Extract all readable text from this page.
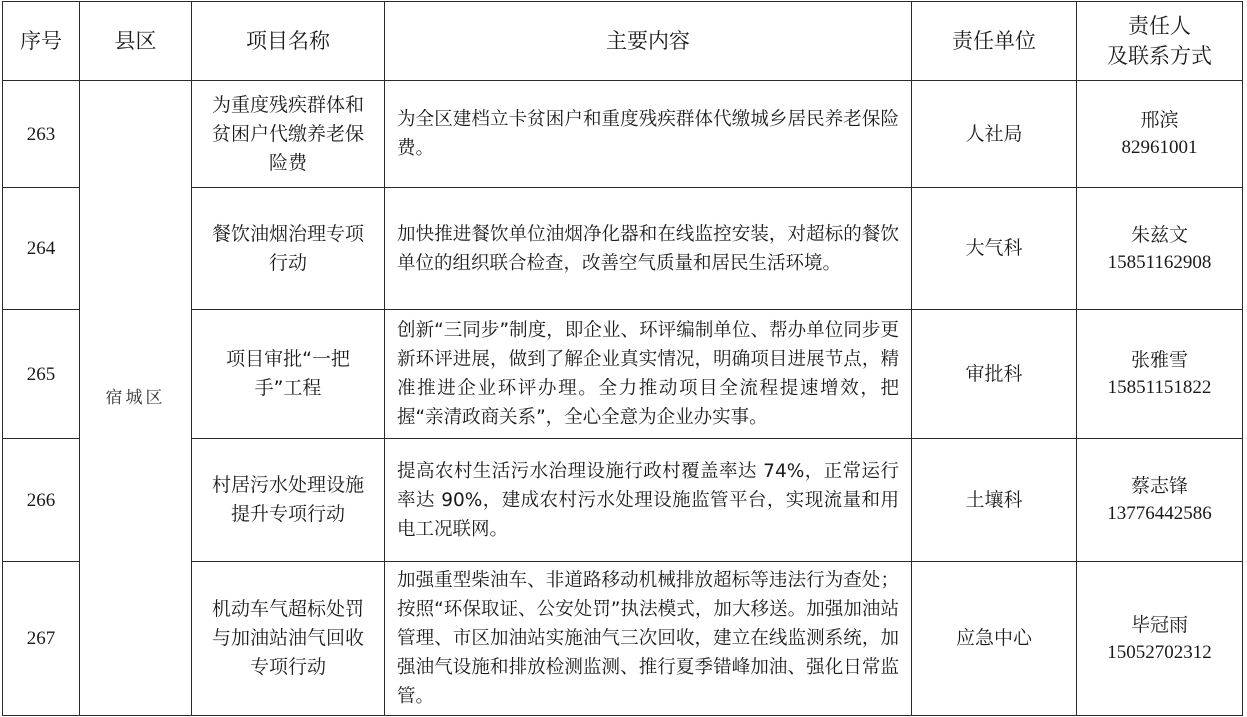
序号	县区	项目名称	主要内容	责任单位	责任人
及联系方式

263	宿城区	为重度残疾群体和贫困户代缴养老保险费	为全区建档立卡贫困户和重度残疾群体代缴城乡居民养老保险费。	人社局	邢滨
82961001

264		餐饮油烟治理专项行动	加快推进餐饮单位油烟净化器和在线监控安装，对超标的餐饮单位的组织联合检查，改善空气质量和居民生活环境。	大气科	朱兹文
15851162908

265		项目审批“一把手”工程	创新“三同步”制度，即企业、环评编制单位、帮办单位同步更新环评进展，做到了解企业真实情况，明确项目进展节点，精准推进企业环评办理。全力推动项目全流程提速增效，把握“亲清政商关系”，全心全意为企业办实事。	审批科	张雅雪
15851151822

266		村居污水处理设施提升专项行动	提高农村生活污水治理设施行政村覆盖率达 74%，正常运行率达 90%，建成农村污水处理设施监管平台，实现流量和用电工况联网。	土壤科	蔡志锋
13776442586

267		机动车气超标处罚与加油站油气回收专项行动	加强重型柴油车、非道路移动机械排放超标等违法行为查处；按照“环保取证、公安处罚”执法模式，加大移送。加强加油站管理、市区加油站实施油气三次回收，建立在线监测系统，加强油气设施和排放检测监测、推行夏季错峰加油、强化日常监管。	应急中心	毕冠雨
15052702312
